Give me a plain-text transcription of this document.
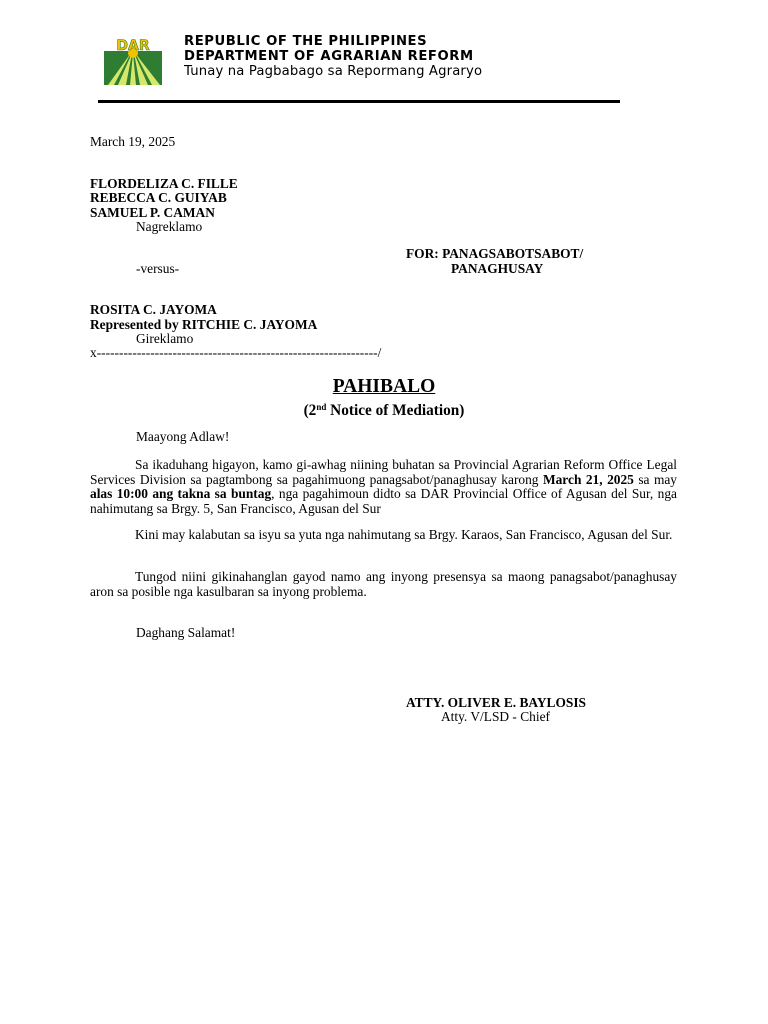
DAR	REPUBLIC OF THE PHILIPPINES
DEPARTMENT OF AGRARIAN REFORM
Tunay na Pagbabago sa Repormang Agraryo
March 19, 2025
FLORDELIZA C. FILLE
REBECCA C. GUIYAB
SAMUEL P. CAMAN
Nagreklamo
FOR: PANAGSABOTSABOT/
-versus-	PANAGHUSAY
ROSITA C. JAYOMA
Represented by RITCHIE C. JAYOMA
Gireklamo
x---------------------------------------------------------------/
PAHIBALO
(2nd Notice of Mediation)
Maayong Adlaw!
Sa ikaduhang higayon, kamo gi-awhag niining buhatan sa Provincial Agrarian Reform Office Legal Services Division sa pagtambong sa pagahimuong panagsabot/panaghusay karong March 21, 2025 sa may alas 10:00 ang takna sa buntag, nga pagahimoun didto sa DAR Provincial Office of Agusan del Sur, nga nahimutang sa Brgy. 5, San Francisco, Agusan del Sur
Kini may kalabutan sa isyu sa yuta nga nahimutang sa Brgy. Karaos, San Francisco, Agusan del Sur.
Tungod niini gikinahanglan gayod namo ang inyong presensya sa maong panagsabot/panaghusay aron sa posible nga kasulbaran sa inyong problema.
Daghang Salamat!
ATTY. OLIVER E. BAYLOSIS
Atty. V/LSD - Chief
